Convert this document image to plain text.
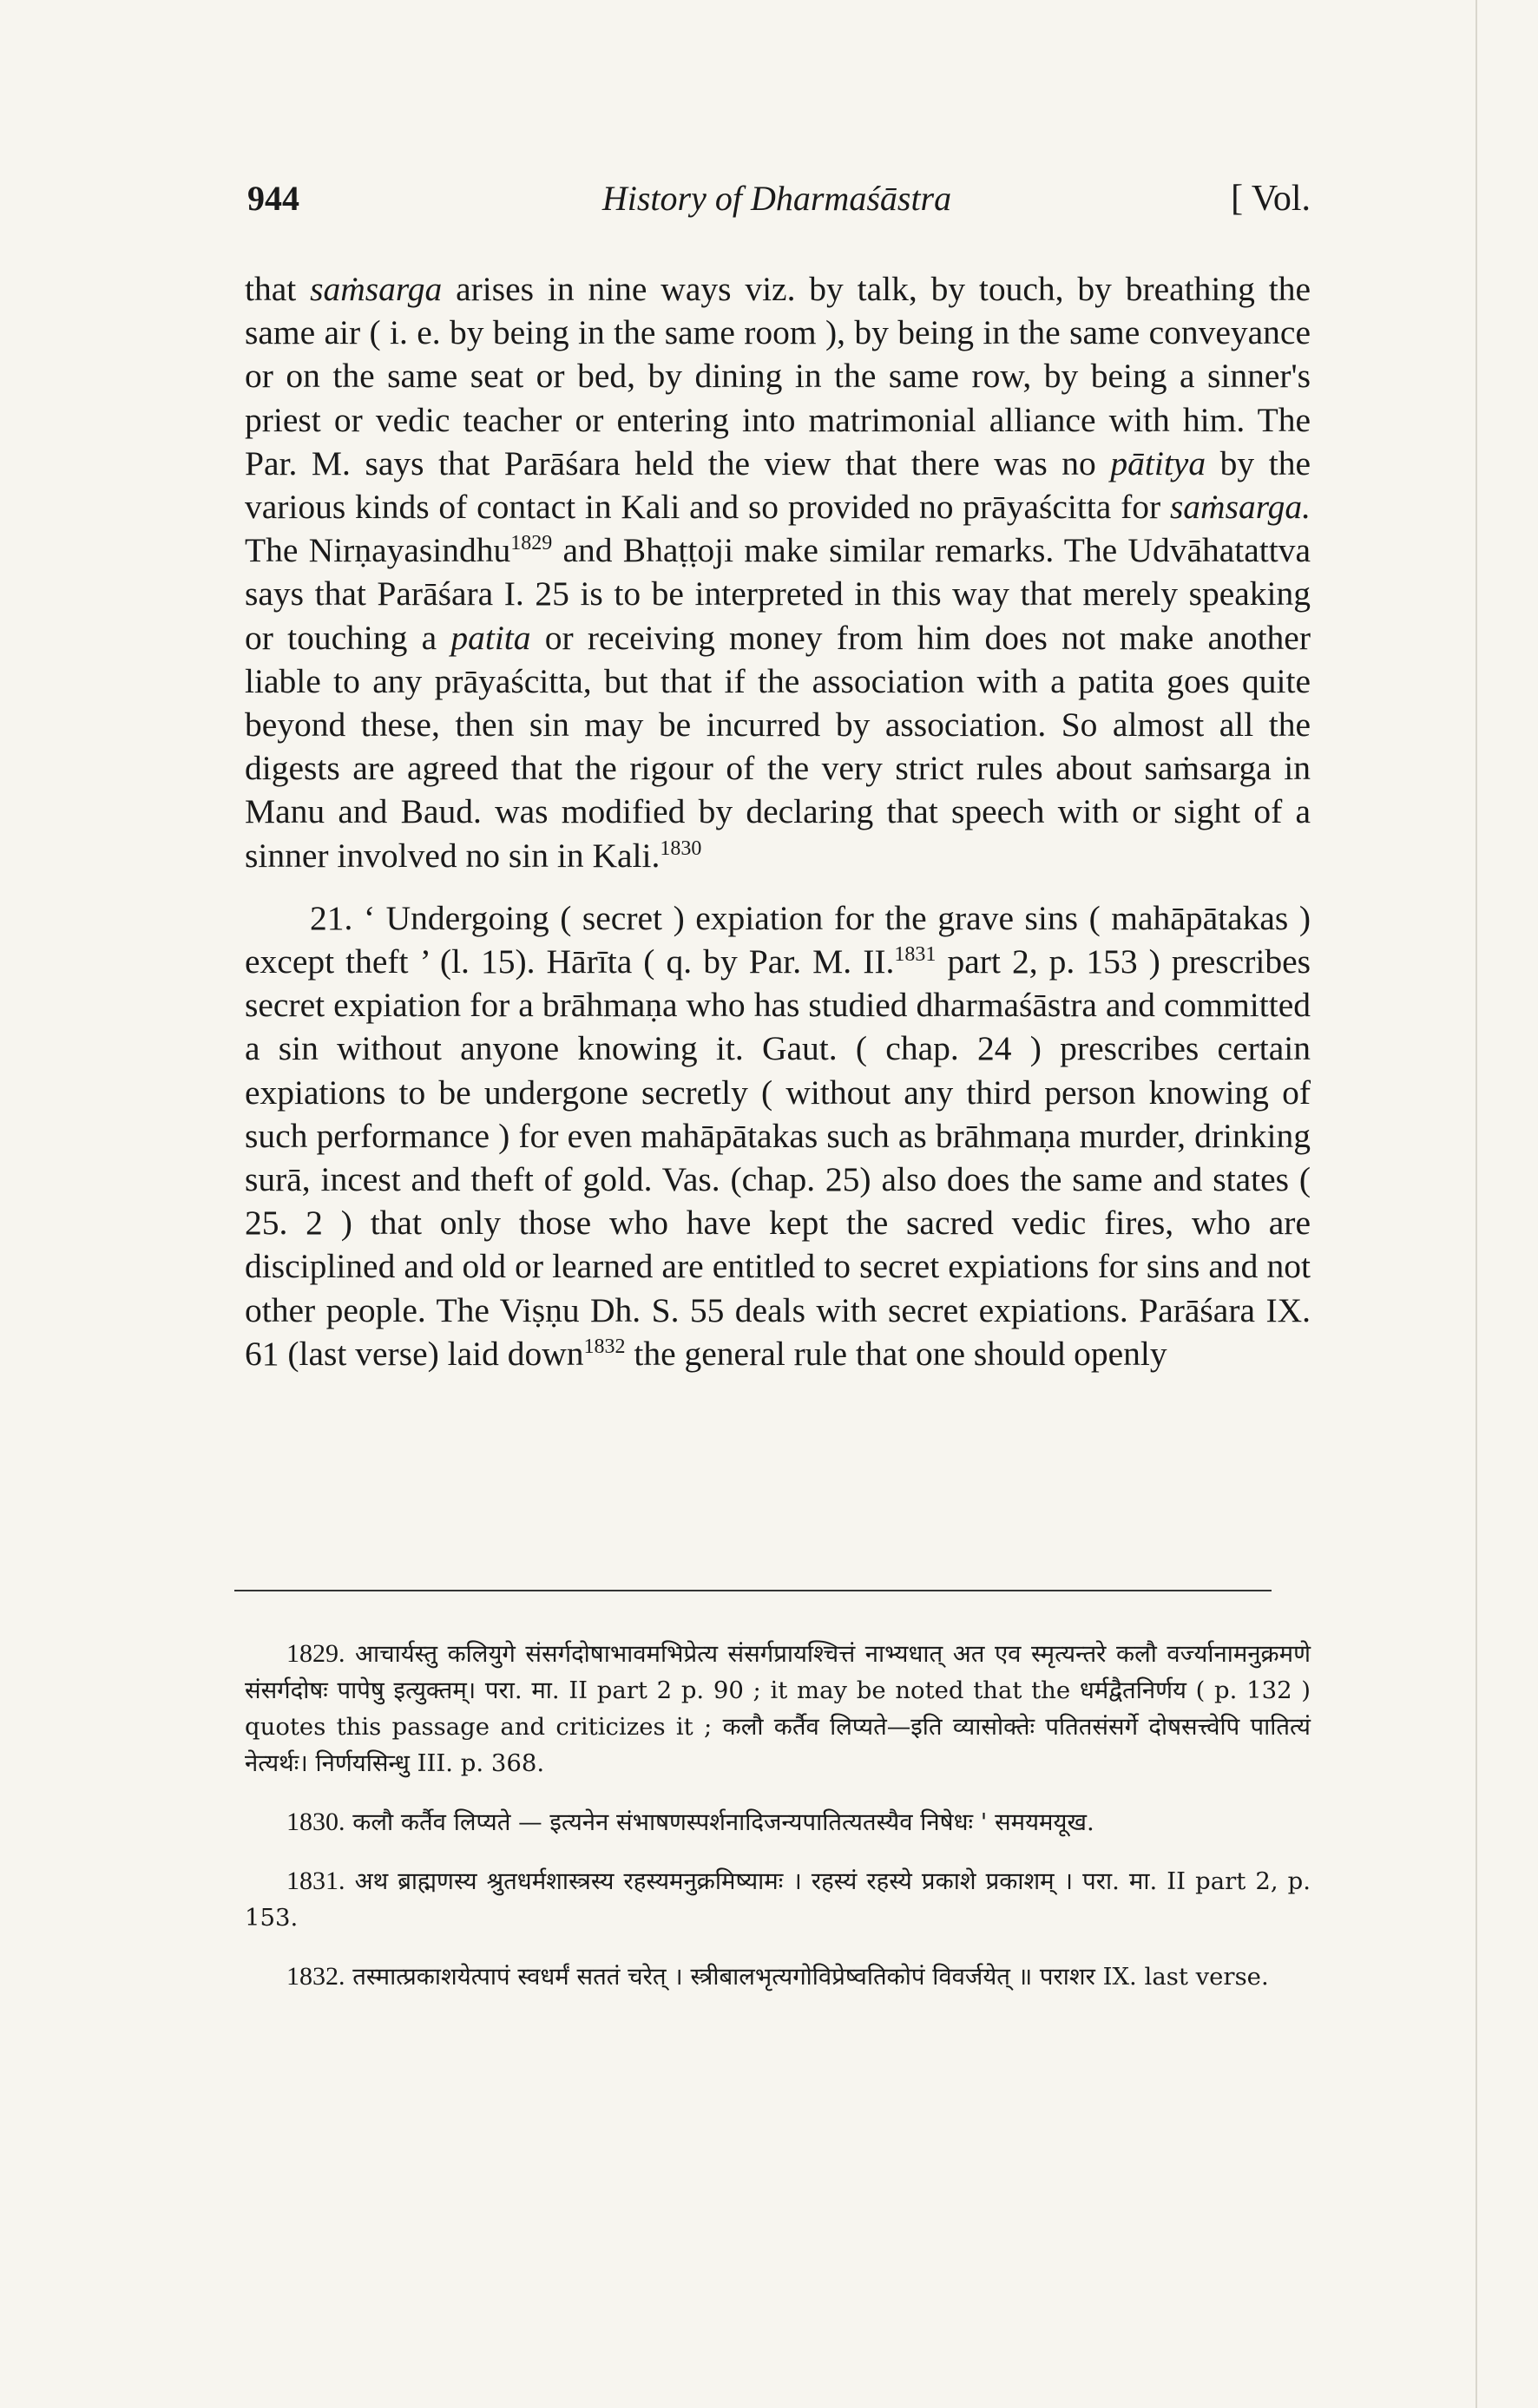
944	History of Dharmaśāstra	[ Vol.

that saṁsarga arises in nine ways viz. by talk, by touch, by breathing the same air ( i. e. by being in the same room ), by being in the same conveyance or on the same seat or bed, by dining in the same row, by being a sinner's priest or vedic teacher or entering into matrimonial alliance with him. The Par. M. says that Parāśara held the view that there was no pātitya by the various kinds of contact in Kali and so provided no prāyaścitta for saṁsarga. The Nirṇayasindhu$^{1829}$ and Bhaṭṭoji make similar remarks. The Udvāhatattva says that Parāśara I. 25 is to be interpreted in this way that merely speaking or touching a patita or receiving money from him does not make another liable to any prāyaścitta, but that if the association with a patita goes quite beyond these, then sin may be incurred by association. So almost all the digests are agreed that the rigour of the very strict rules about saṁsarga in Manu and Baud. was modified by declaring that speech with or sight of a sinner involved no sin in Kali.$^{1830}$

21. ‘ Undergoing ( secret ) expiation for the grave sins ( mahāpātakas ) except theft ’ (l. 15). Hārīta ( q. by Par. M. II.$^{1831}$ part 2, p. 153 ) prescribes secret expiation for a brāhmaṇa who has studied dharmaśāstra and committed a sin without anyone knowing it. Gaut. ( chap. 24 ) prescribes certain expiations to be undergone secretly ( without any third person knowing of such performance ) for even mahāpātakas such as brāhmaṇa murder, drinking surā, incest and theft of gold. Vas. (chap. 25) also does the same and states ( 25. 2 ) that only those who have kept the sacred vedic fires, who are disciplined and old or learned are entitled to secret expiations for sins and not other people. The Viṣṇu Dh. S. 55 deals with secret expiations. Parāśara IX. 61 (last verse) laid down$^{1832}$ the general rule that one should openly

1829. आचार्यस्तु कलियुगे संसर्गदोषाभावमभिप्रेत्य संसर्गप्रायश्चित्तं नाभ्यधात् अत एव स्मृत्यन्तरे कलौ वर्ज्यानामनुक्रमणे संसर्गदोषः पापेषु इत्युक्तम्। परा. मा. II part 2 p. 90 ; it may be noted that the धर्मद्वैतनिर्णय ( p. 132 ) quotes this passage and criticizes it ; कलौ कर्तैव लिप्यते—इति व्यासोक्तेः पतितसंसर्गे दोषसत्त्वेपि पातित्यं नेत्यर्थः। निर्णयसिन्धु III. p. 368.

1830. कलौ कर्तैव लिप्यते — इत्यनेन संभाषणस्पर्शनादिजन्यपातित्यतस्यैव निषेधः ' समयमयूख.

1831. अथ ब्राह्मणस्य श्रुतधर्मशास्त्रस्य रहस्यमनुक्रमिष्यामः । रहस्यं रहस्ये प्रकाशे प्रकाशम् । परा. मा. II part 2, p. 153.

1832. तस्मात्प्रकाशयेत्पापं स्वधर्मं सततं चरेत् । स्त्रीबालभृत्यगोविप्रेष्वतिकोपं विवर्जयेत् ॥ पराशर IX. last verse.
